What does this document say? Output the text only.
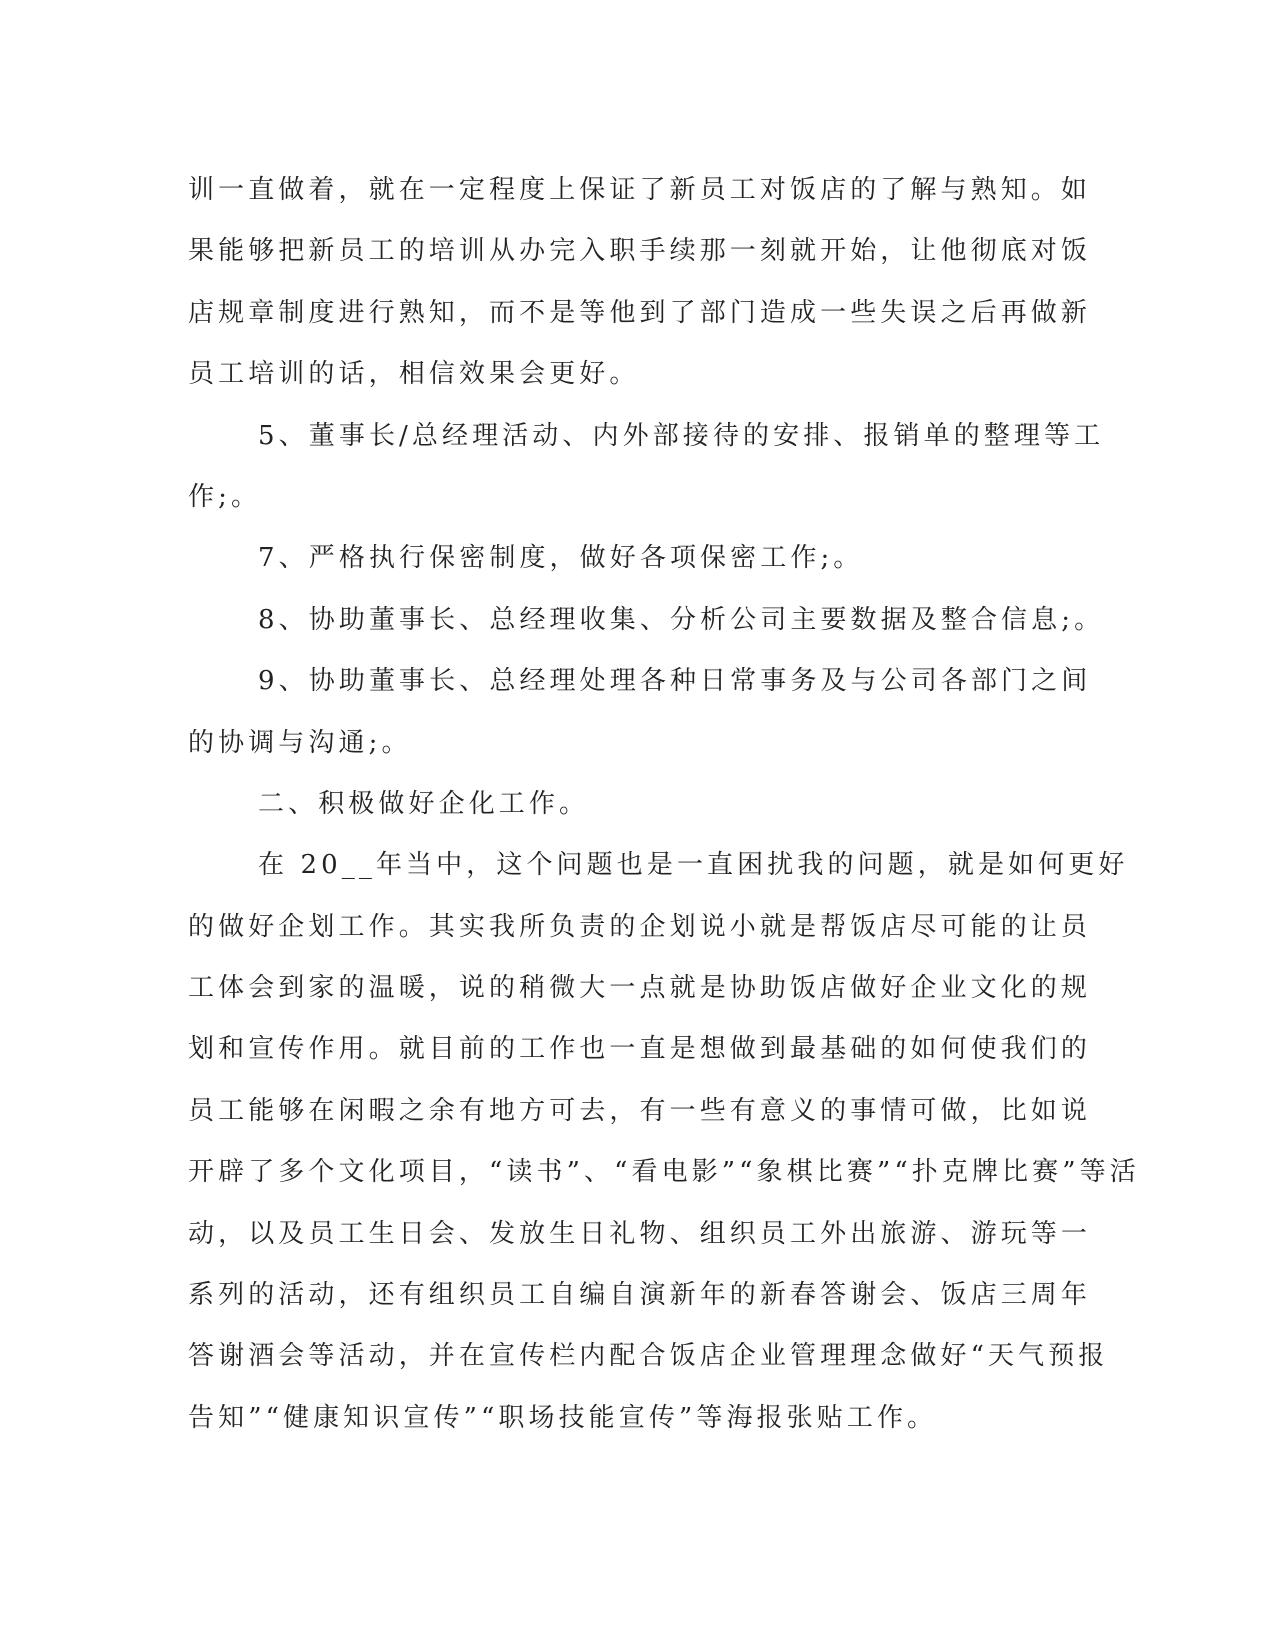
训一直做着，就在一定程度上保证了新员工对饭店的了解与熟知。如
果能够把新员工的培训从办完入职手续那一刻就开始，让他彻底对饭
店规章制度进行熟知，而不是等他到了部门造成一些失误之后再做新
员工培训的话，相信效果会更好。
5、董事长/总经理活动、内外部接待的安排、报销单的整理等工
作;。
7、严格执行保密制度，做好各项保密工作;。
8、协助董事长、总经理收集、分析公司主要数据及整合信息;。
9、协助董事长、总经理处理各种日常事务及与公司各部门之间
的协调与沟通;。
二、积极做好企化工作。
在 20__年当中，这个问题也是一直困扰我的问题，就是如何更好
的做好企划工作。其实我所负责的企划说小就是帮饭店尽可能的让员
工体会到家的温暖，说的稍微大一点就是协助饭店做好企业文化的规
划和宣传作用。就目前的工作也一直是想做到最基础的如何使我们的
员工能够在闲暇之余有地方可去，有一些有意义的事情可做，比如说
开辟了多个文化项目，“读书”、“看电影”“象棋比赛”“扑克牌比赛”等活
动，以及员工生日会、发放生日礼物、组织员工外出旅游、游玩等一
系列的活动，还有组织员工自编自演新年的新春答谢会、饭店三周年
答谢酒会等活动，并在宣传栏内配合饭店企业管理理念做好“天气预报
告知”“健康知识宣传”“职场技能宣传”等海报张贴工作。
